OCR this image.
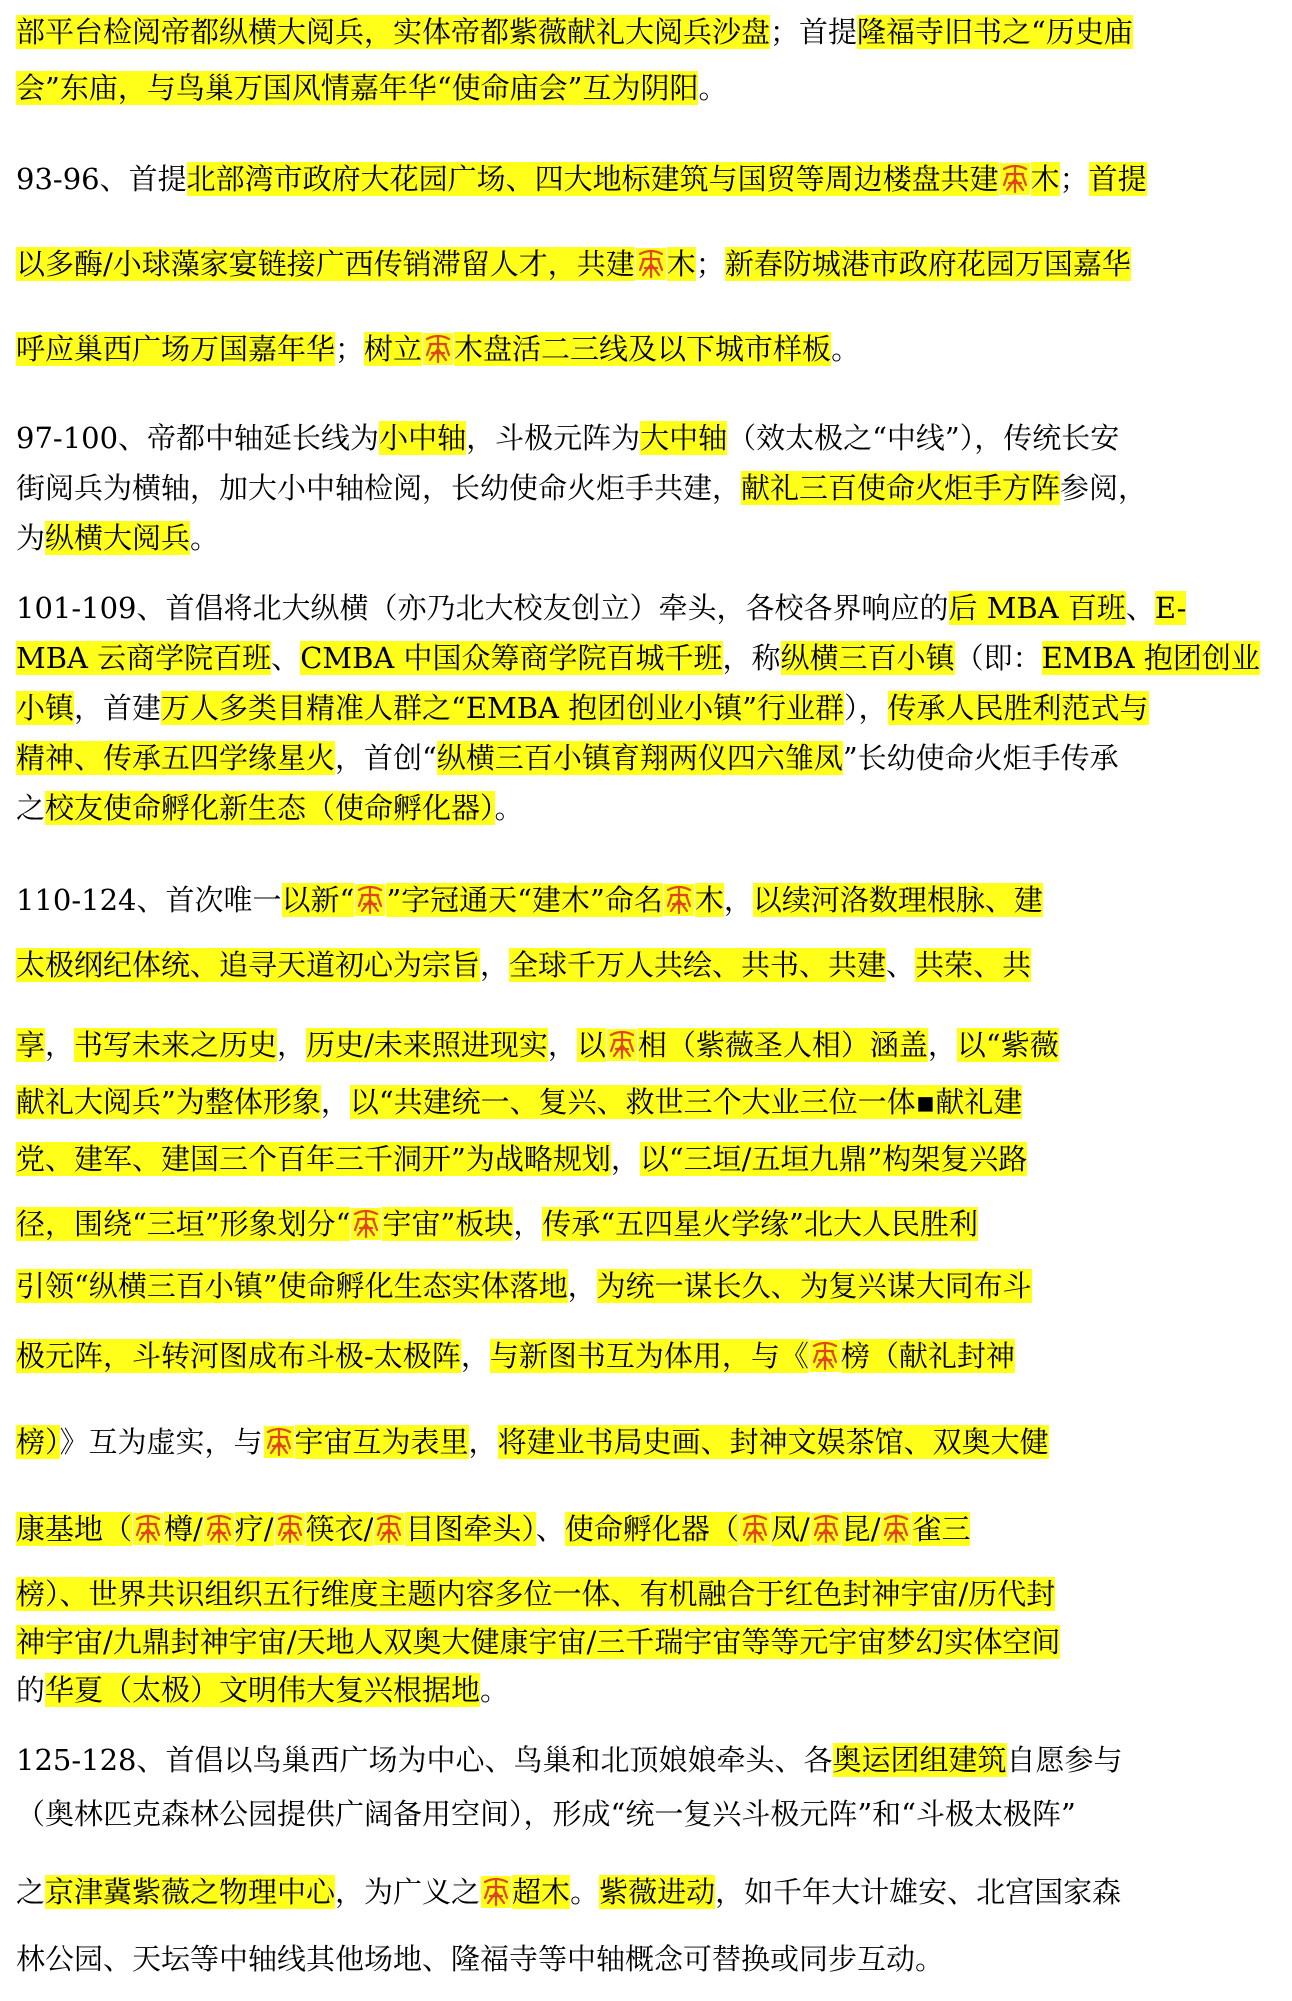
部平台检阅帝都纵横大阅兵，实体帝都紫薇献礼大阅兵沙盘；首提隆福寺旧书之“历史庙
会”东庙，与鸟巢万国风情嘉年华“使命庙会”互为阴阳。
93-96、首提北部湾市政府大花园广场、四大地标建筑与国贸等周边楼盘共建 木；首提
以多酶/小球藻家宴链接广西传销滞留人才，共建 木；新春防城港市政府花园万国嘉华
呼应巢西广场万国嘉年华；树立 木盘活二三线及以下城市样板。
97-100、帝都中轴延长线为小中轴，斗极元阵为大中轴（效太极之“中线”），传统长安
街阅兵为横轴，加大小中轴检阅，长幼使命火炬手共建，献礼三百使命火炬手方阵参阅，
为纵横大阅兵。
101-109、首倡将北大纵横（亦乃北大校友创立）牵头，各校各界响应的后 MBA 百班、E-
MBA 云商学院百班、CMBA 中国众筹商学院百城千班，称纵横三百小镇（即：EMBA 抱团创业
小镇，首建万人多类目精准人群之“EMBA 抱团创业小镇”行业群），传承人民胜利范式与
精神、传承五四学缘星火，首创“纵横三百小镇育翔两仪四六雏凤”长幼使命火炬手传承
之校友使命孵化新生态（使命孵化器）。
110-124、首次唯一以新“ ”字冠通天“建木”命名 木，以续河洛数理根脉、建
太极纲纪体统、追寻天道初心为宗旨，全球千万人共绘、共书、共建、共荣、共
享，书写未来之历史，历史/未来照进现实，以 相（紫薇圣人相）涵盖，以“紫薇
献礼大阅兵”为整体形象，以“共建统一、复兴、救世三个大业三位一体▪献礼建
党、建军、建国三个百年三千洞开”为战略规划，以“三垣/五垣九鼎”构架复兴路
径，围绕“三垣”形象划分“ 宇宙”板块，传承“五四星火学缘”北大人民胜利
引领“纵横三百小镇”使命孵化生态实体落地，为统一谋长久、为复兴谋大同布斗
极元阵，斗转河图成布斗极-太极阵，与新图书互为体用，与《 榜（献礼封神
榜）》互为虚实，与 宇宙互为表里，将建业书局史画、封神文娱茶馆、双奥大健
康基地（ 樽/ 疗/ 筷衣/ 目图牵头）、使命孵化器（ 凤/ 昆/ 雀三
榜）、世界共识组织五行维度主题内容多位一体、有机融合于红色封神宇宙/历代封
神宇宙/九鼎封神宇宙/天地人双奥大健康宇宙/三千瑞宇宙等等元宇宙梦幻实体空间
的华夏（太极）文明伟大复兴根据地。
125-128、首倡以鸟巢西广场为中心、鸟巢和北顶娘娘牵头、各奥运团组建筑自愿参与
（奥林匹克森林公园提供广阔备用空间），形成“统一复兴斗极元阵”和“斗极太极阵”
之京津冀紫薇之物理中心，为广义之 超木。紫薇进动，如千年大计雄安、北宫国家森
林公园、天坛等中轴线其他场地、隆福寺等中轴概念可替换或同步互动。
